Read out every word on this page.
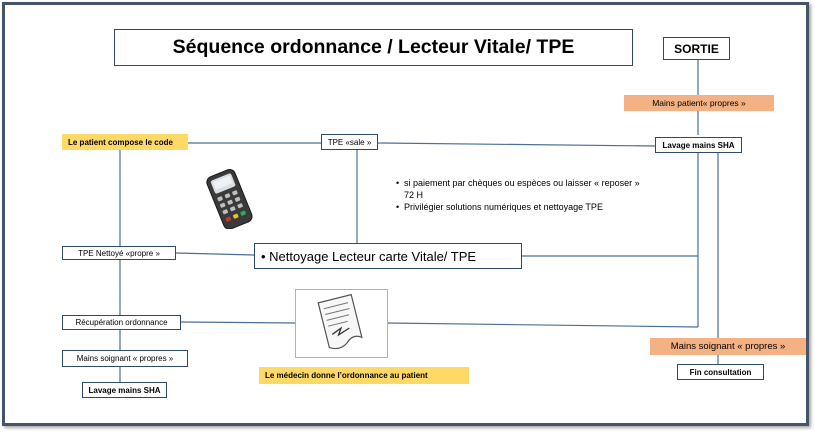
Séquence ordonnance / Lecteur Vitale/ TPE	SORTIE
Mains patient« propres »
Lavage mains SHA
Le patient compose le code	TPE «sale »
• si paiement par chèques ou espèces ou laisser « reposer » 72 H
• Privilégier solutions numériques et nettoyage TPE
TPE Nettoyé «propre »	• Nettoyage Lecteur carte Vitale/ TPE
Récupération ordonnance
Mains soignant « propres »
Lavage mains SHA
Le médecin donne l’ordonnance au patient
Mains soignant « propres »
Fin consultation
